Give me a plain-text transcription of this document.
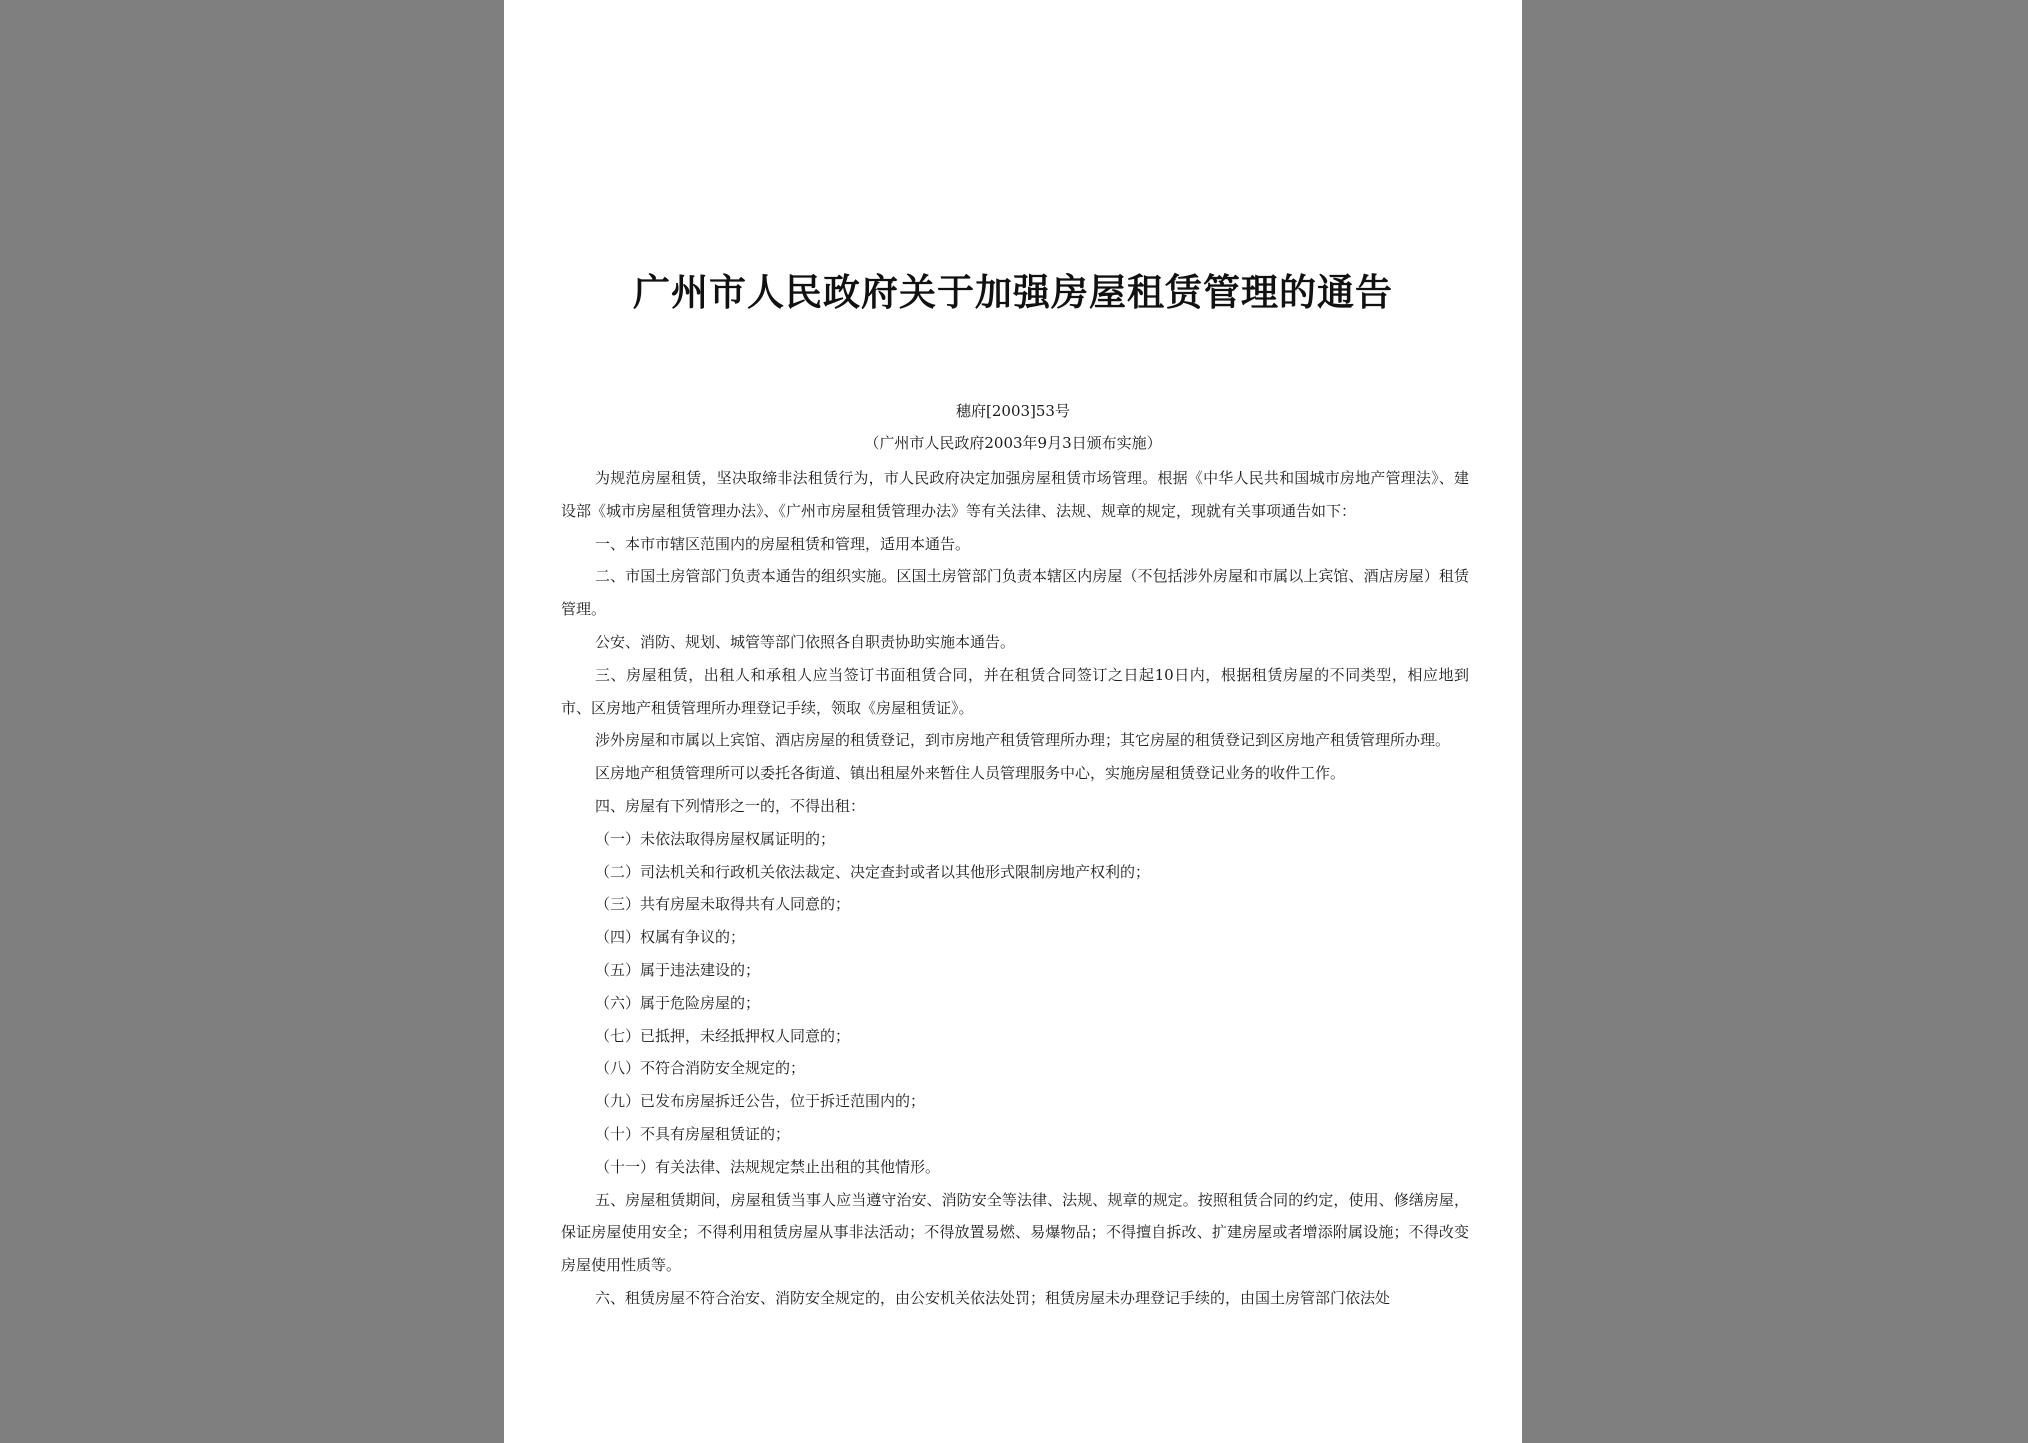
广州市人民政府关于加强房屋租赁管理的通告
穗府[2003]53号
（广州市人民政府2003年9月3日颁布实施）

为规范房屋租赁，坚决取缔非法租赁行为，市人民政府决定加强房屋租赁市场管理。根据《中华人民共和国城市房地产管理法》、建设部《城市房屋租赁管理办法》、《广州市房屋租赁管理办法》等有关法律、法规、规章的规定，现就有关事项通告如下：

一、本市市辖区范围内的房屋租赁和管理，适用本通告。

二、市国土房管部门负责本通告的组织实施。区国土房管部门负责本辖区内房屋（不包括涉外房屋和市属以上宾馆、酒店房屋）租赁管理。

公安、消防、规划、城管等部门依照各自职责协助实施本通告。

三、房屋租赁，出租人和承租人应当签订书面租赁合同，并在租赁合同签订之日起10日内，根据租赁房屋的不同类型，相应地到市、区房地产租赁管理所办理登记手续，领取《房屋租赁证》。

涉外房屋和市属以上宾馆、酒店房屋的租赁登记，到市房地产租赁管理所办理；其它房屋的租赁登记到区房地产租赁管理所办理。

区房地产租赁管理所可以委托各街道、镇出租屋外来暂住人员管理服务中心，实施房屋租赁登记业务的收件工作。

四、房屋有下列情形之一的，不得出租：

（一）未依法取得房屋权属证明的；

（二）司法机关和行政机关依法裁定、决定查封或者以其他形式限制房地产权利的；

（三）共有房屋未取得共有人同意的；

（四）权属有争议的；

（五）属于违法建设的；

（六）属于危险房屋的；

（七）已抵押，未经抵押权人同意的；

（八）不符合消防安全规定的；

（九）已发布房屋拆迁公告，位于拆迁范围内的；

（十）不具有房屋租赁证的；

（十一）有关法律、法规规定禁止出租的其他情形。

五、房屋租赁期间，房屋租赁当事人应当遵守治安、消防安全等法律、法规、规章的规定。按照租赁合同的约定，使用、修缮房屋，保证房屋使用安全；不得利用租赁房屋从事非法活动；不得放置易燃、易爆物品；不得擅自拆改、扩建房屋或者增添附属设施；不得改变房屋使用性质等。

六、租赁房屋不符合治安、消防安全规定的，由公安机关依法处罚；租赁房屋未办理登记手续的，由国土房管部门依法处
